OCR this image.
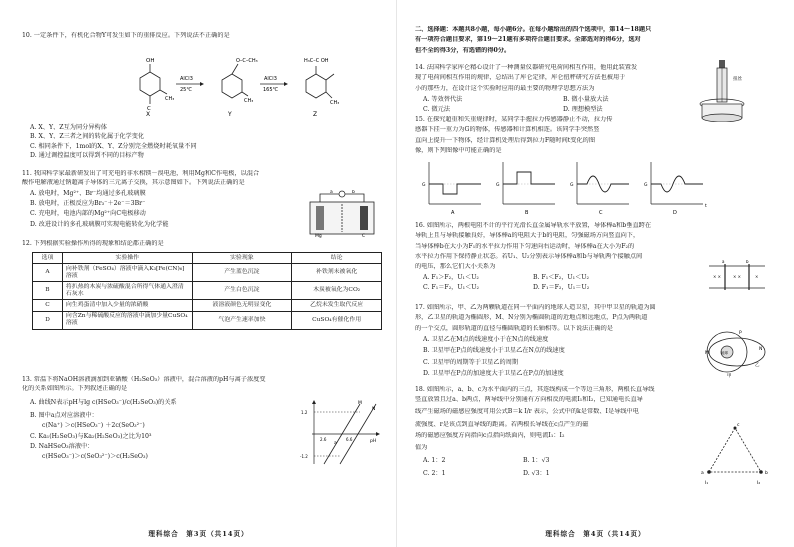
10. 一定条件下，有机化合物Y可发生如下的重排反应。下列说法不正确的是
OH
C
CH₃
X
AlCl3
25℃
O–C–CH₃
CH₃
Y
AlCl3
165℃
H₃C–C OH
CH₃
Z
A. X、Y、Z互为同分异构体
B. X、Y、Z三者之间的转化属于化学变化
C. 相同条件下，1mol的X、Y、Z分别完全燃烧时耗氧量不同
D. 通过调控温度可以得到不同的目标产物
11. 我国科学家最新研发出了可充电的非水相镁－溴电池，利用Mg和C作电极，以混合
酸作电解液通过钠超离子导体的三元离子交换，其示意图如下。下列说法正确的是
A. 放电时，Mg²⁺、Br⁻均通过多孔玻璃膜
B. 放电时，正极反应为Br₃⁻＋2e⁻＝3Br⁻
C. 充电时，电池内部的Mg²⁺向C电极移动
D. 改进设计的多孔玻璃膜可实现电能转化为化学能
a	b
Mg	C
12. 下列根据实验操作所得的现象和结论都正确的是
选项	实验操作	实验现象	结论
A	向补铁剂（FeSO₄）溶液中滴入K₃[Fe(CN)₆]溶液	产生蓝色沉淀	补铁剂未被氧化
B	将扒热的木炭与浓硫酸混合所得气体通入澄清石灰水	产生白色沉淀	木炭被氧化为CO₂
C	向生鸡蛋清中加入少量的浓硝酸	液溶液颜色无明显变化	乙烷未发生取代反应
D	向含Zn与稀硫酸反应的溶液中滴加少量CuSO₄溶液	气泡产生速率加快	CuSO₄有催化作用
13. 常温下将NaOH溶液滴加到亚硒酸（H₂SeO₃）溶液中，混合溶液的pH与离子浓度变
化的关系如图所示。下列叙述正确的是
A. 曲线N表示pH与lg c(HSeO₃⁻)/c(H₂SeO₃)的关系
B. 图中a点对应溶液中：
c(Na⁺) ＞c(HSeO₃⁻) ＋2c(SeO₃²⁻)
C. Ka₁(H₂SeO₃)与Ka₂(H₂SeO₃)之比为10³
D. NaHSeO₃溶液中：
c(HSeO₃⁻)＞c(SeO₃²⁻)＞c(H₂SeO₃)
M
N
a	pH
2.6	6.6
1.2
-1.2
理科综合　第3页（共14页）
二、选择题：本题共8小题，每小题6分。在每小题给出的四个选项中，第14～18题只
有一项符合题目要求，第19～21题有多项符合题目要求。全部选对的得6分，选对
但不全的得3分，有选错的得0分。
14. 法国科学家库仑精心设计了一种测量仪器研究电荷间相互作用，他用此装置发
现了电荷间相互作用的规律，总结出了库仑定律，库仑扭秤研究方法也被用于
小的那些力，在设计这个实验时应用的最主要的物理学思想方法为
A. 等效替代法	B. 微小量放大法
C. 微元法	D. 理想模型法
扭丝
15. 在探究超重和失重规律时，某同学手握拉力传感器静止不动，拉力传
感器下挂一重力为G的物体，传感器和计算机相连。该同学手突然竖
直向上提升一下物体，经计算机处理后得到拉力F随时间t变化的图
像，则下列图像中可能正确的是
G
A
G
B
G
C
G
t
D
16. 如图所示，两根电阻不计的平行光滑长直金属导轨水平放置，导体棒a和b垂直跨在
导轨上且与导轨接触良好，导体棒a的电阻大于b的电阻，匀强磁场方向竖直向下，
当导体棒b在大小为F₁的水平拉力作用下匀速向右运动时，导体棒a在大小为F₂的
水平拉力作用下保持静止状态。若U₁、U₂分别表示导体棒a和b与导轨两个接触点间
的电压，那么它们大小关系为
A. F₁＞F₂，U₁＜U₂	B. F₁＜F₂，U₁＜U₂
C. F₁＝F₂，U₁＜U₂	D. F₁＝F₂，U₁＝U₂
× ×	× ×	×
a	b
17. 如图所示，甲、乙为两颗轨道在同一平面内的地球人造卫星，其中甲卫星的轨道为圆
形，乙卫星的轨道为椭圆形，M、N分别为椭圆轨道的近地点和远地点，P点为两轨道
的一个交点，圆形轨道的直径与椭圆轨道的长轴相等。以下说法正确的是
A. 卫星乙在M点的线速度小于在N点的线速度
B. 卫星甲在P点的线速度小于卫星乙在N点的线速度
C. 卫星甲的周期等于卫星乙的周期
D. 卫星甲在P点的加速度大于卫星乙在P点的加速度
地球
P
M
N
甲
乙
18. 如图所示，a、b、c为水平面内的三点，其连线构成一个等边三角形，两根长直导线
竖直放置且过a、b两点，两导线中分别通有方向相反的电流I₁和I₂，已知通电长直导
线产生磁场的磁感应强度可用公式B＝k I/r 表示，公式中的k是常数、I是导线中电
流强度、r是该点到直导线的距离。若两根长导线在c点产生的磁
场的磁感应强度方向指向c点指向纸面内，则电流I₁：I₂
值为
A. 1：2	B. 1：√3
C. 2：1	D. √3：1
c
a	b
I₁	I₂
理科综合　第4页（共14页）
